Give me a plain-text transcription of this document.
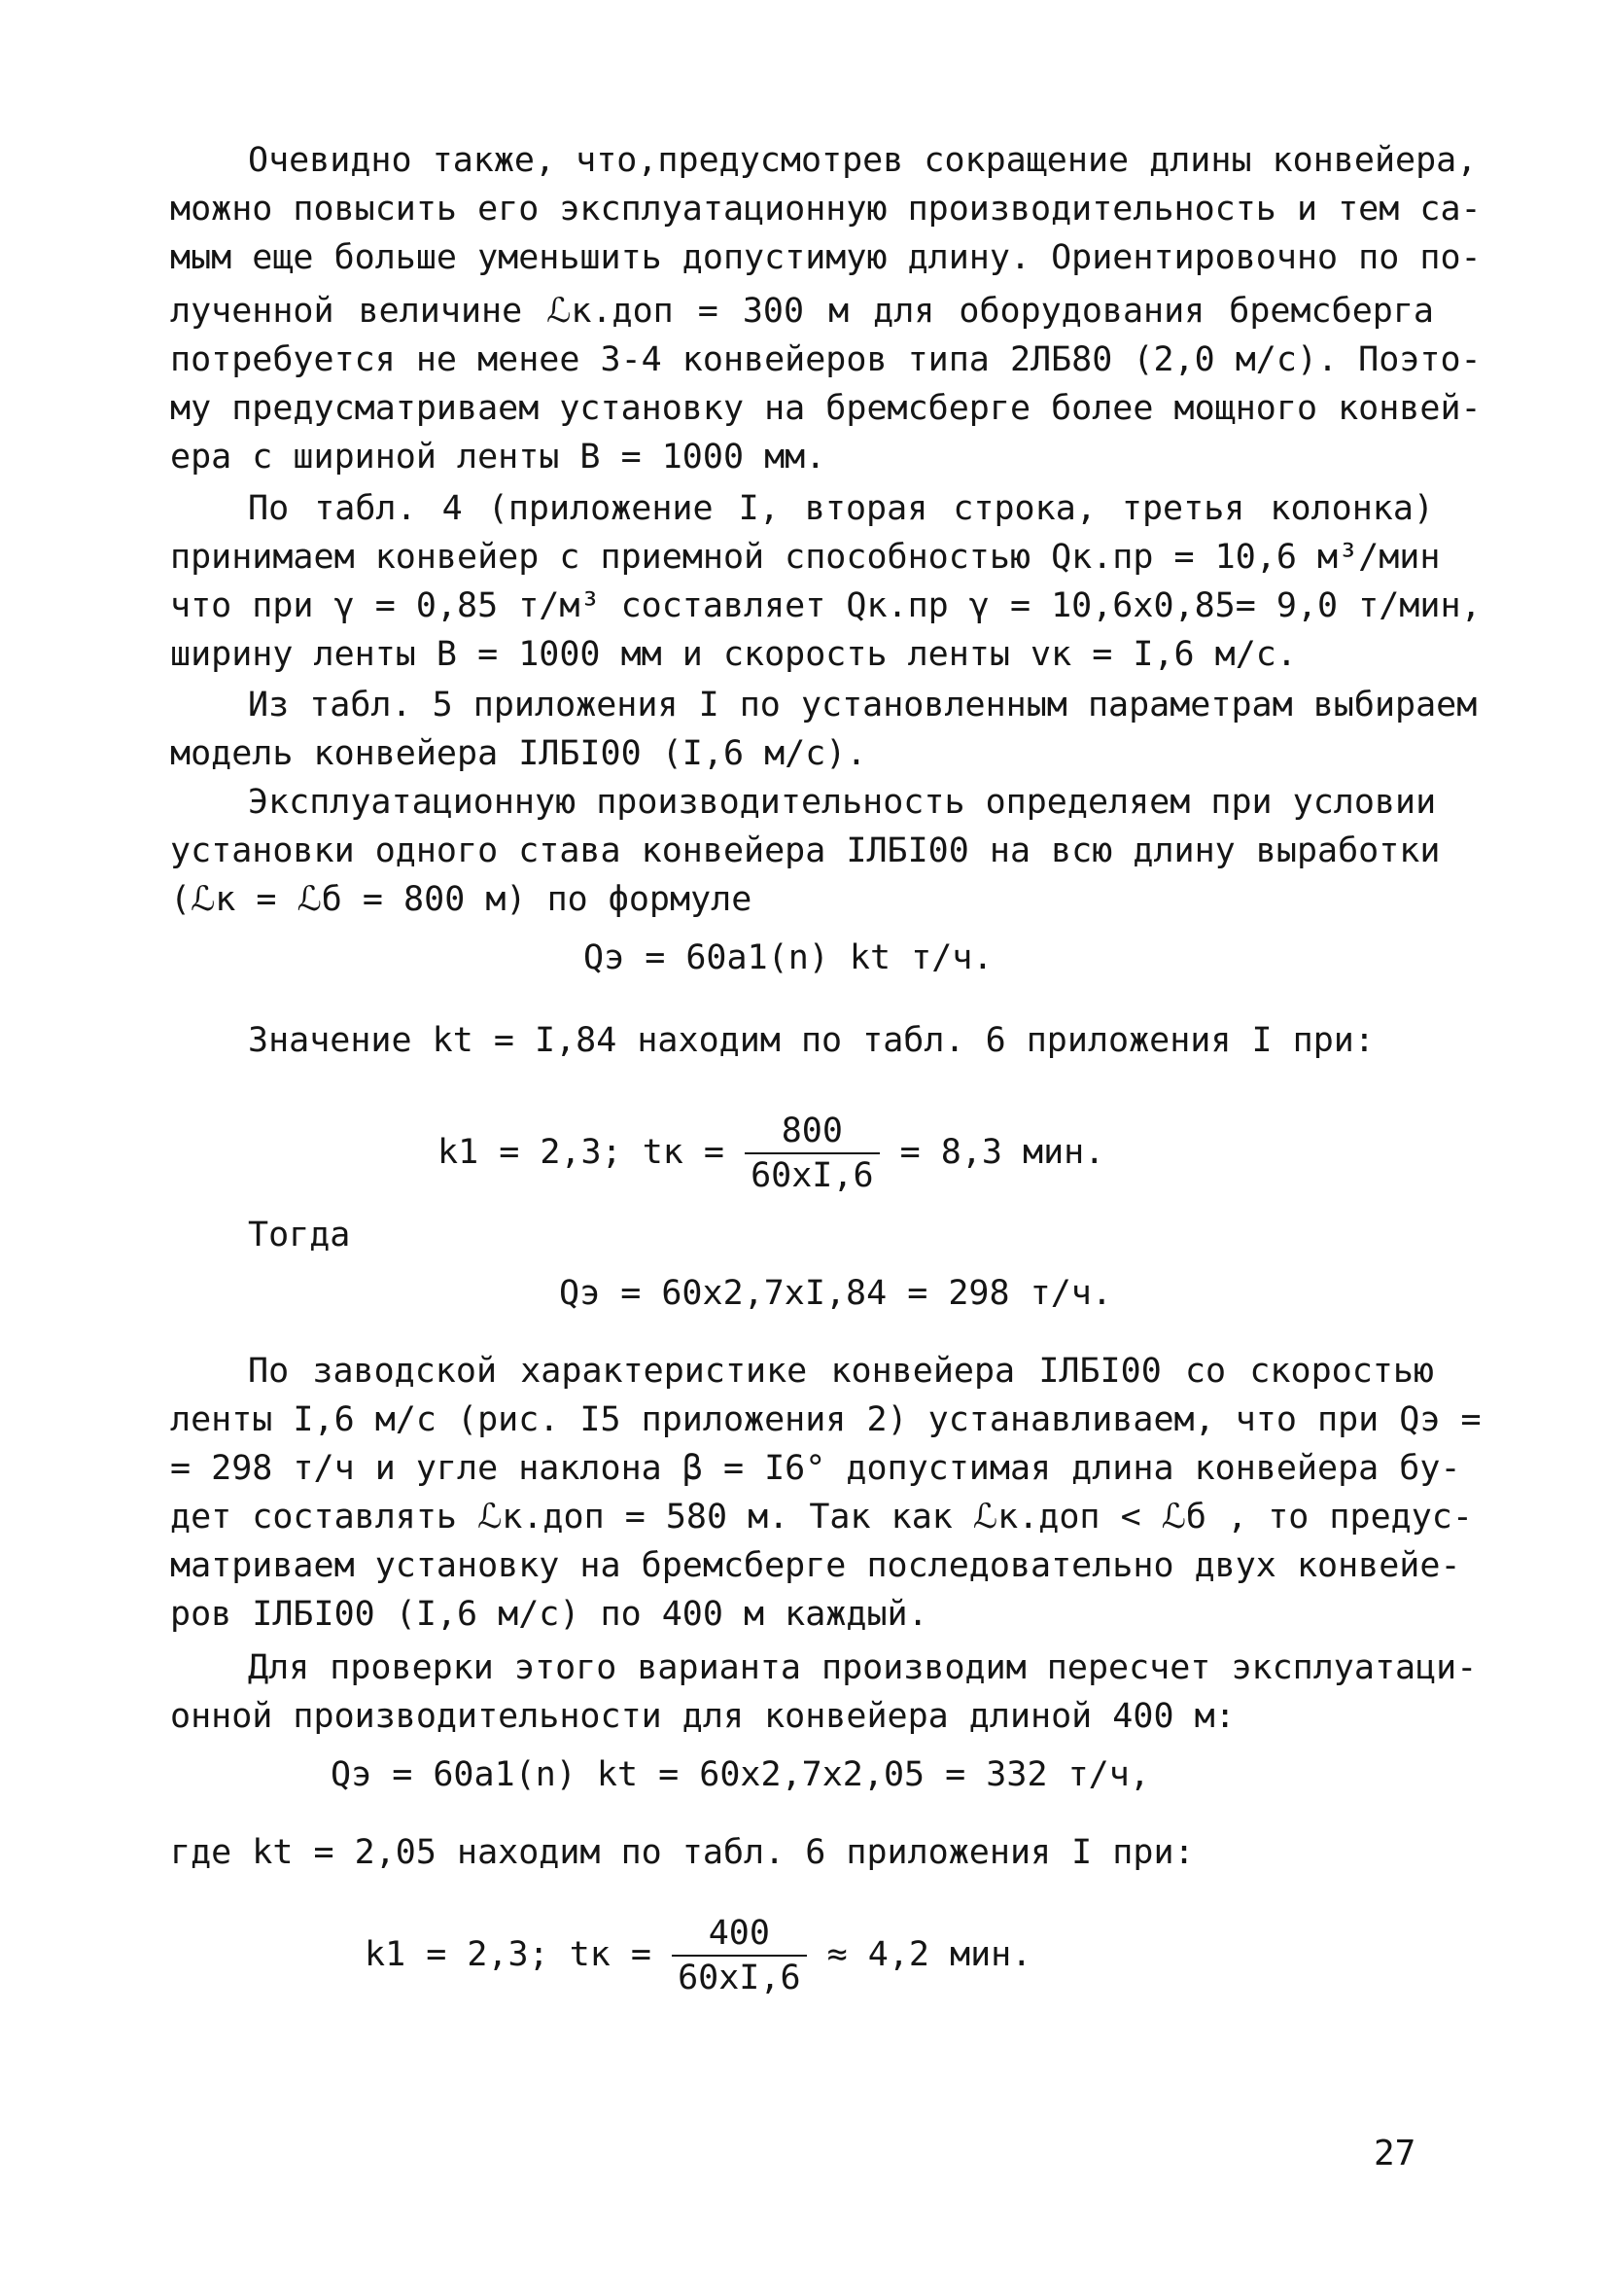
Очевидно также, что,предусмотрев сокращение длины конвейера,
можно повысить его эксплуатационную производительность и тем са-
мым еще больше уменьшить допустимую длину. Ориентировочно по по-
лученной величине ℒк.доп = 300 м для оборудования бремсберга
потребуется не менее 3-4 конвейеров типа 2ЛБ80 (2,0 м/с). Поэто-
му предусматриваем установку на бремсберге более мощного конвей-
ера с шириной ленты B = 1000 мм.
По табл. 4 (приложение I, вторая строка, третья колонка)
принимаем конвейер с приемной способностью Qк.пр = 10,6 м³/мин
что при γ = 0,85 т/м³ составляет Qк.пр γ = 10,6х0,85= 9,0 т/мин,
ширину ленты B = 1000 мм и скорость ленты vк = I,6 м/с.
Из табл. 5 приложения I по установленным параметрам выбираем
модель конвейера IЛБI00 (I,6 м/с).
Эксплуатационную производительность определяем при условии
установки одного става конвейера IЛБI00 на всю длину выработки
(ℒк = ℒб = 800 м) по формуле
Qэ = 60a1(n) kt т/ч.
Значение kt = I,84 находим по табл. 6 приложения I при:
k1 = 2,3; tк = $\frac{800}{60xI,6} = 8,3$ мин.
Тогда
Qэ = 60x2,7xI,84 = 298 т/ч.
По заводской характеристике конвейера IЛБI00 со скоростью
ленты I,6 м/с (рис. I5 приложения 2) устанавливаем, что при Qэ =
= 298 т/ч и угле наклона β = I6° допустимая длина конвейера бу-
дет составлять ℒк.доп = 580 м. Так как ℒк.доп < ℒб , то предус-
матриваем установку на бремсберге последовательно двух конвейе-
ров IЛБI00 (I,6 м/с) по 400 м каждый.
Для проверки этого варианта производим пересчет эксплуатаци-
онной производительности для конвейера длиной 400 м:
Qэ = 60a1(n) kt = 60x2,7x2,05 = 332 т/ч,
где kt = 2,05 находим по табл. 6 приложения I при:
k1 = 2,3; tк = $\frac{400}{60xI,6} \approx 4,2$ мин.
27
